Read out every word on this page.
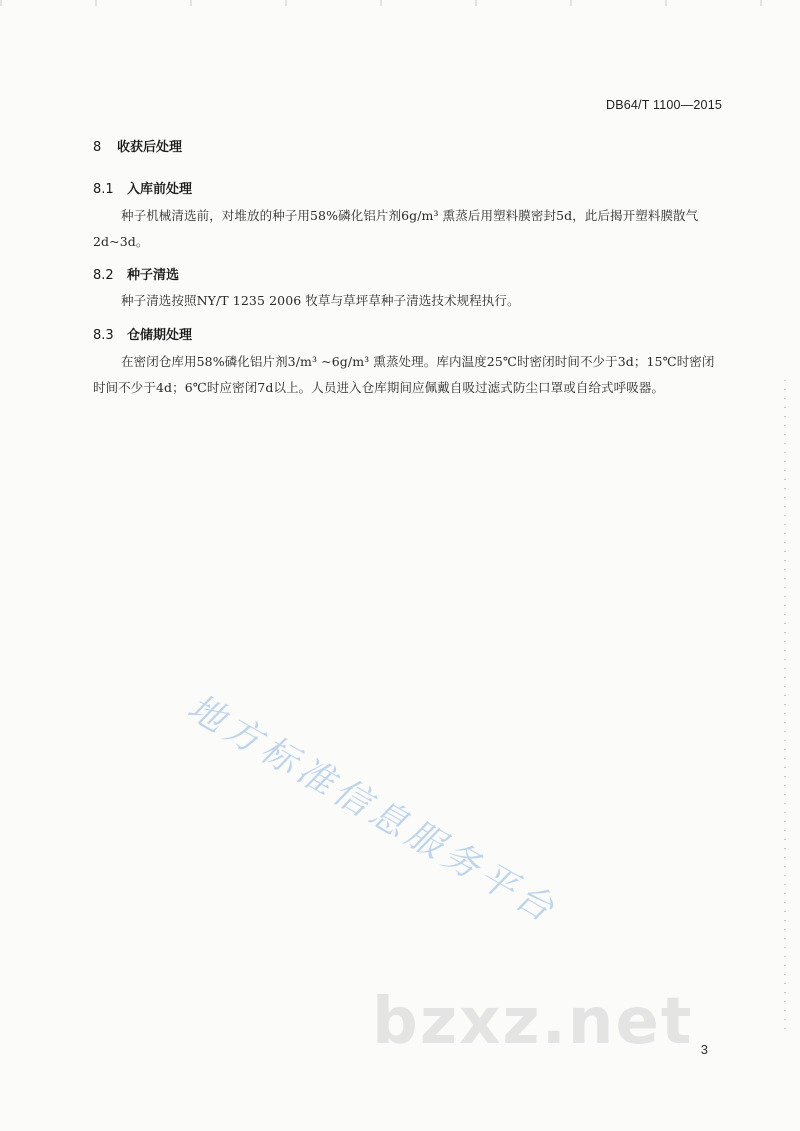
DB64/T 1100—2015
8 收获后处理
8.1 入库前处理
种子机械清选前，对堆放的种子用58%磷化铝片剂6g/m³ 熏蒸后用塑料膜密封5d，此后揭开塑料膜散气2d~3d。
8.2 种子清选
种子清选按照NY/T 1235 2006 牧草与草坪草种子清选技术规程执行。
8.3 仓储期处理
在密闭仓库用58%磷化铝片剂3/m³ ~6g/m³ 熏蒸处理。库内温度25℃时密闭时间不少于3d；15℃时密闭时间不少于4d；6℃时应密闭7d以上。人员进入仓库期间应佩戴自吸过滤式防尘口罩或自给式呼吸器。
地方标准信息服务平台
bzxz.net 3
